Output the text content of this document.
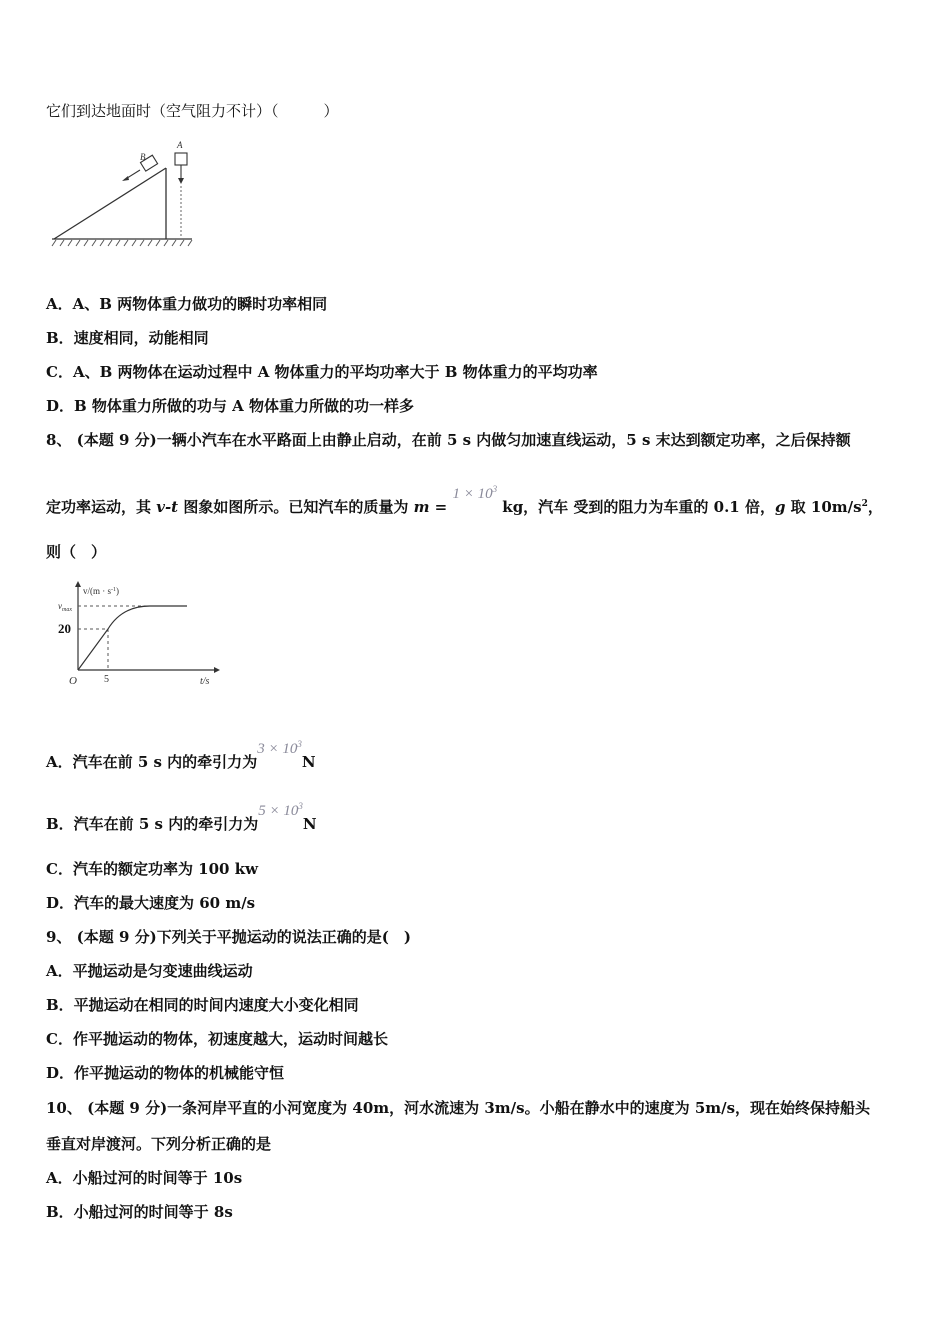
它们到达地面时（空气阻力不计）（　　　）
B
A
A．A、B 两物体重力做功的瞬时功率相同
B．速度相同，动能相同
C．A、B 两物体在运动过程中 A 物体重力的平均功率大于 B 物体重力的平均功率
D．B 物体重力所做的功与 A 物体重力所做的功一样多
8、 (本题 9 分)一辆小汽车在水平路面上由静止启动，在前 5 s 内做匀加速直线运动，5 s 末达到额定功率，之后保持额
定功率运动，其 v-t 图象如图所示。已知汽车的质量为 $m = 1 \times 10^3$ kg，汽车 受到的阻力为车重的 0.1 倍，g 取 $10m/s^2$，
则（　）
$v/(m \cdot s^{-1})$
$v_{max}$
20
O	5	t/s
A．汽车在前 5 s 内的牵引力为$3 \times 10^3N$
B．汽车在前 5 s 内的牵引力为$5 \times 10^3N$
C．汽车的额定功率为 100 kw
D．汽车的最大速度为 60 m/s
9、 (本题 9 分)下列关于平抛运动的说法正确的是(　)
A．平抛运动是匀变速曲线运动
B．平抛运动在相同的时间内速度大小变化相同
C．作平抛运动的物体，初速度越大，运动时间越长
D．作平抛运动的物体的机械能守恒
10、 (本题 9 分)一条河岸平直的小河宽度为 40m，河水流速为 3m/s。小船在静水中的速度为 5m/s，现在始终保持船头
垂直对岸渡河。下列分析正确的是
A．小船过河的时间等于 10s
B．小船过河的时间等于 8s
